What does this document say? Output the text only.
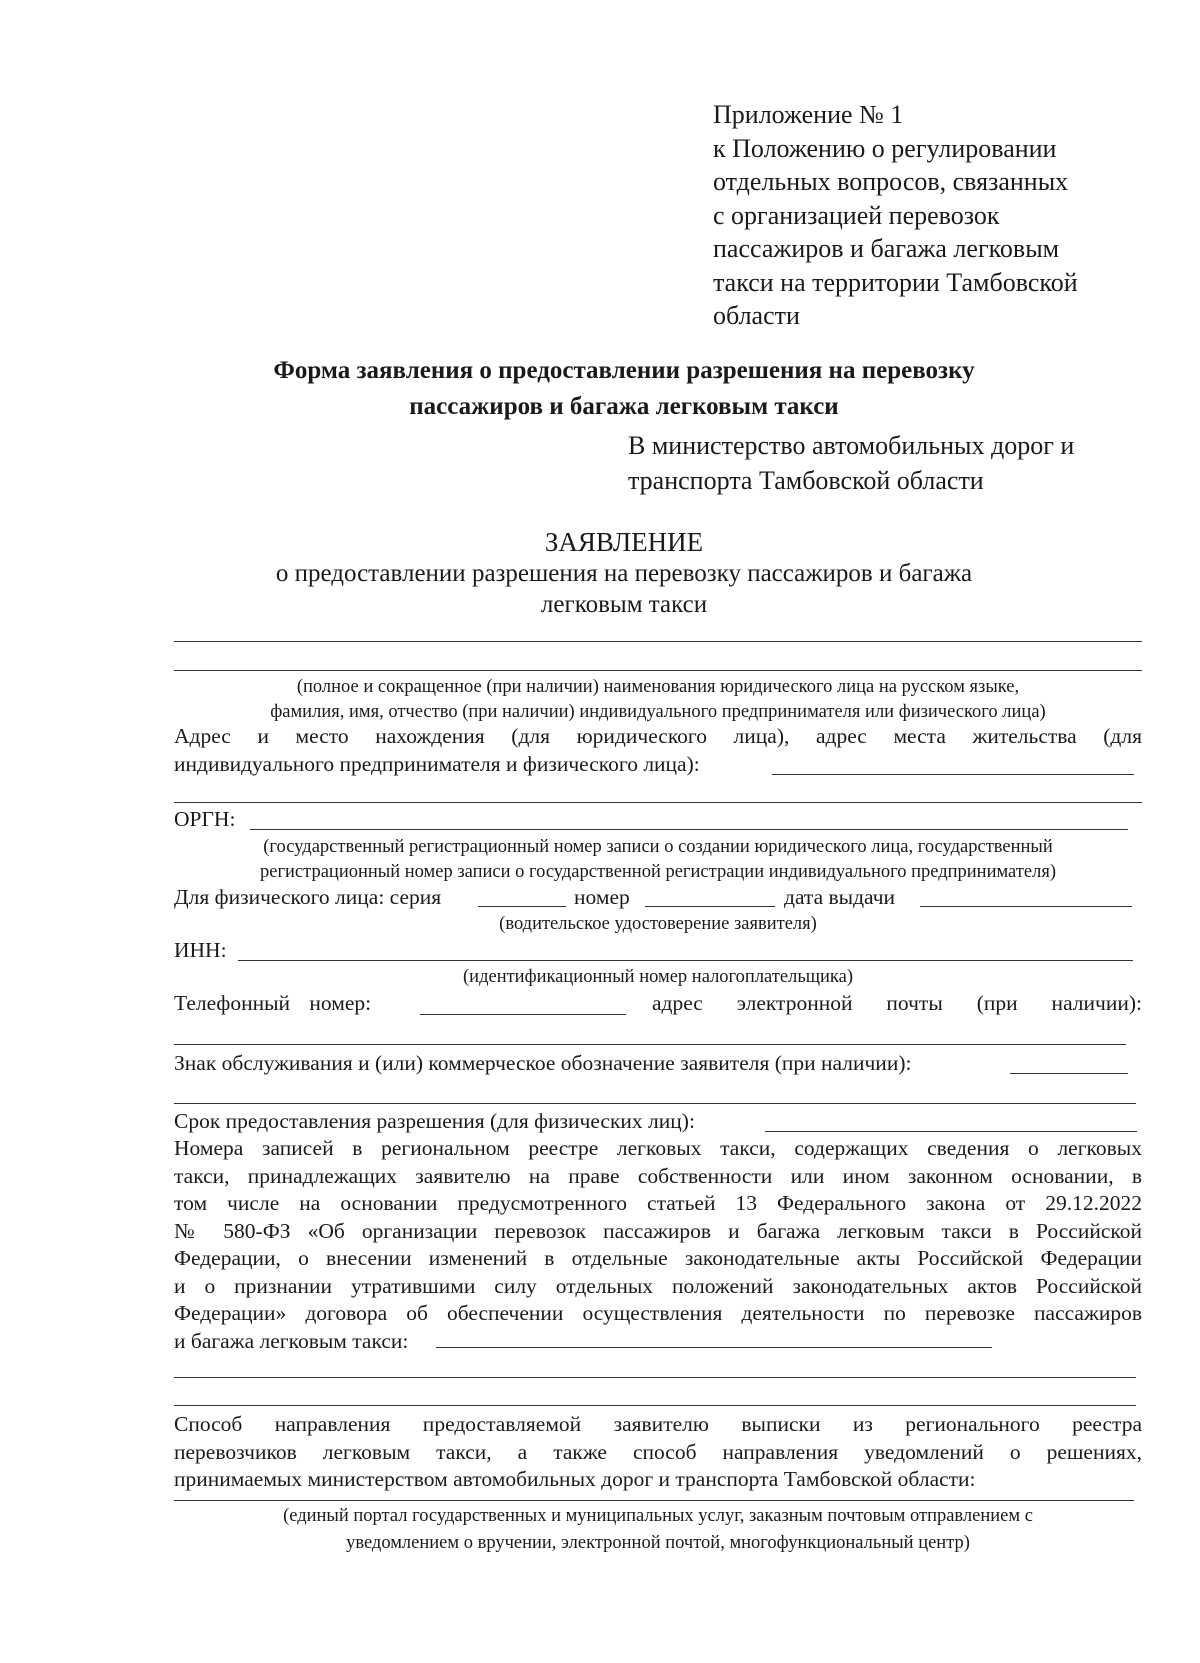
Приложение № 1
к Положению о регулировании
отдельных вопросов, связанных
с организацией перевозок
пассажиров и багажа легковым
такси на территории Тамбовской
области
Форма заявления о предоставлении разрешения на перевозку
пассажиров и багажа легковым такси
В министерство автомобильных дорог и
транспорта Тамбовской области
ЗАЯВЛЕНИЕ
о предоставлении разрешения на перевозку пассажиров и багажа
легковым такси
(полное и сокращенное (при наличии) наименования юридического лица на русском языке,
фамилия, имя, отчество (при наличии) индивидуального предпринимателя или физического лица)
Адрес и место нахождения (для юридического лица), адрес места жительства (для
индивидуального предпринимателя и физического лица):
ОРГН:
(государственный регистрационный номер записи о создании юридического лица, государственный
регистрационный номер записи о государственной регистрации индивидуального предпринимателя)
Для физического лица: серия	номер	дата выдачи
(водительское удостоверение заявителя)
ИНН:
(идентификационный номер налогоплательщика)
Телефонный номер:	адрес электронной почты (при наличии):
Знак обслуживания и (или) коммерческое обозначение заявителя (при наличии):
Срок предоставления разрешения (для физических лиц):
Номера записей в региональном реестре легковых такси, содержащих сведения о легковых
такси, принадлежащих заявителю на праве собственности или ином законном основании, в
том числе на основании предусмотренного статьей 13 Федерального закона от 29.12.2022
№ 580-ФЗ «Об организации перевозок пассажиров и багажа легковым такси в Российской
Федерации, о внесении изменений в отдельные законодательные акты Российской Федерации
и о признании утратившими силу отдельных положений законодательных актов Российской
Федерации» договора об обеспечении осуществления деятельности по перевозке пассажиров
и багажа легковым такси:
Способ направления предоставляемой заявителю выписки из регионального реестра
перевозчиков легковым такси, а также способ направления уведомлений о решениях,
принимаемых министерством автомобильных дорог и транспорта Тамбовской области:
(единый портал государственных и муниципальных услуг, заказным почтовым отправлением с
уведомлением о вручении, электронной почтой, многофункциональный центр)
